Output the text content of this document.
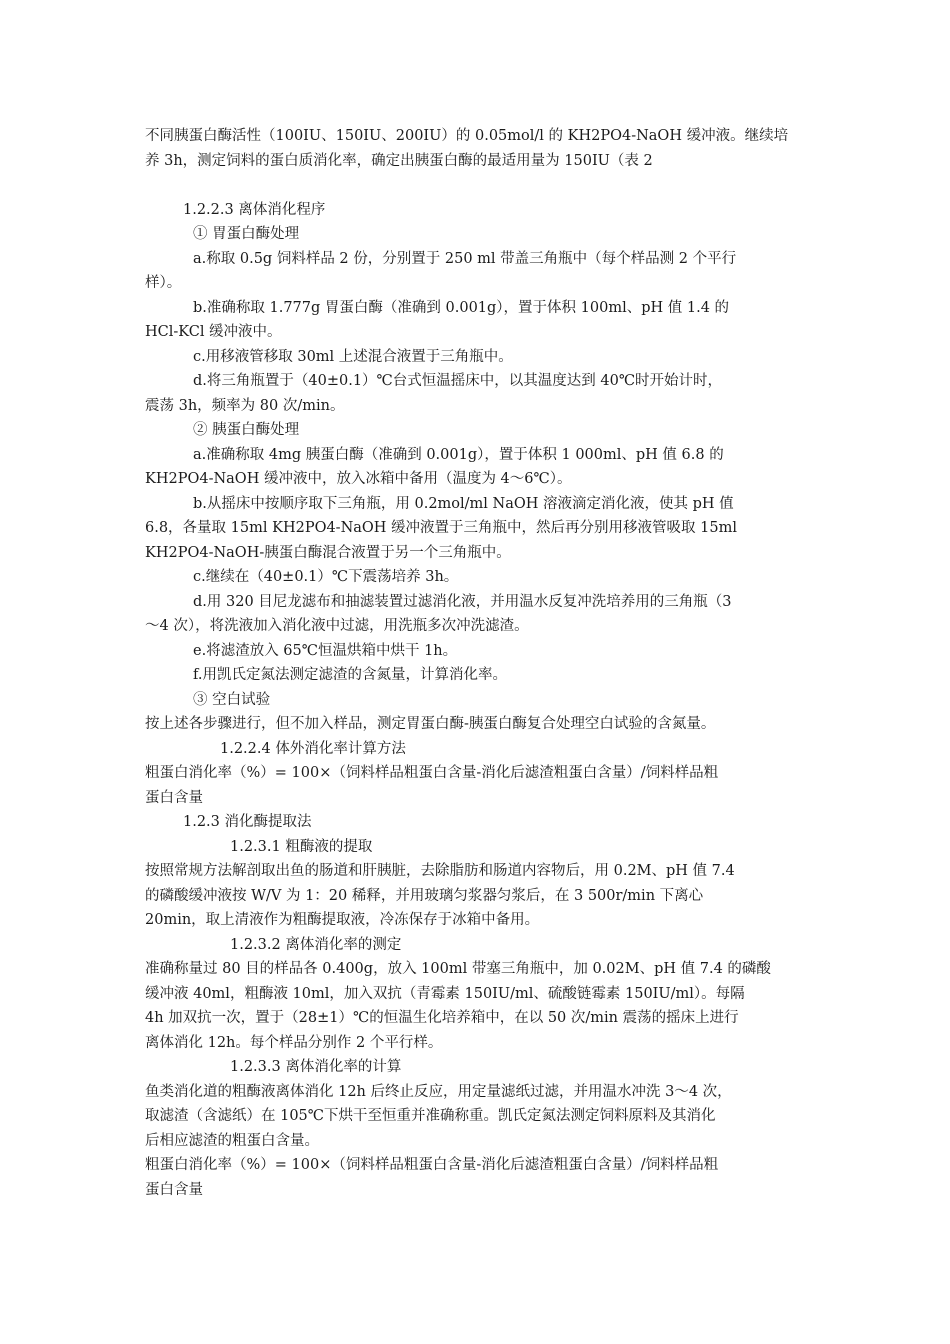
不同胰蛋白酶活性（100IU、150IU、200IU）的 0.05mol/l 的 KH2PO4-NaOH 缓冲液。继续培

养 3h，测定饲料的蛋白质消化率，确定出胰蛋白酶的最适用量为 150IU（表 2

1.2.2.3 离体消化程序

① 胃蛋白酶处理

a.称取 0.5g 饲料样品 2 份，分别置于 250 ml 带盖三角瓶中（每个样品测 2 个平行

样）。

b.准确称取 1.777g 胃蛋白酶（准确到 0.001g），置于体积 100ml、pH 值 1.4 的

HCl-KCl 缓冲液中。

c.用移液管移取 30ml 上述混合液置于三角瓶中。

d.将三角瓶置于（40±0.1）℃台式恒温摇床中，以其温度达到 40℃时开始计时，

震荡 3h，频率为 80 次/min。

② 胰蛋白酶处理

a.准确称取 4mg 胰蛋白酶（准确到 0.001g），置于体积 1 000ml、pH 值 6.8 的

KH2PO4-NaOH 缓冲液中，放入冰箱中备用（温度为 4～6℃）。

b.从摇床中按顺序取下三角瓶，用 0.2mol/ml NaOH 溶液滴定消化液，使其 pH 值

6.8，各量取 15ml KH2PO4-NaOH 缓冲液置于三角瓶中，然后再分别用移液管吸取 15ml

KH2PO4-NaOH-胰蛋白酶混合液置于另一个三角瓶中。

c.继续在（40±0.1）℃下震荡培养 3h。

d.用 320 目尼龙滤布和抽滤装置过滤消化液，并用温水反复冲洗培养用的三角瓶（3

～4 次），将洗液加入消化液中过滤，用洗瓶多次冲洗滤渣。

e.将滤渣放入 65℃恒温烘箱中烘干 1h。

f.用凯氏定氮法测定滤渣的含氮量，计算消化率。

③ 空白试验

按上述各步骤进行，但不加入样品，测定胃蛋白酶-胰蛋白酶复合处理空白试验的含氮量。

1.2.2.4 体外消化率计算方法

粗蛋白消化率（%）= 100×（饲料样品粗蛋白含量-消化后滤渣粗蛋白含量）/饲料样品粗

蛋白含量

1.2.3 消化酶提取法

1.2.3.1 粗酶液的提取

按照常规方法解剖取出鱼的肠道和肝胰脏，去除脂肪和肠道内容物后，用 0.2M、pH 值 7.4

的磷酸缓冲液按 W/V 为 1：20 稀释，并用玻璃匀浆器匀浆后，在 3 500r/min 下离心

20min，取上清液作为粗酶提取液，冷冻保存于冰箱中备用。

1.2.3.2 离体消化率的测定

准确称量过 80 目的样品各 0.400g，放入 100ml 带塞三角瓶中，加 0.02M、pH 值 7.4 的磷酸

缓冲液 40ml，粗酶液 10ml，加入双抗（青霉素 150IU/ml、硫酸链霉素 150IU/ml）。每隔

4h 加双抗一次，置于（28±1）℃的恒温生化培养箱中，在以 50 次/min 震荡的摇床上进行

离体消化 12h。每个样品分别作 2 个平行样。

1.2.3.3 离体消化率的计算

鱼类消化道的粗酶液离体消化 12h 后终止反应，用定量滤纸过滤，并用温水冲洗 3～4 次，

取滤渣（含滤纸）在 105℃下烘干至恒重并准确称重。凯氏定氮法测定饲料原料及其消化

后相应滤渣的粗蛋白含量。

粗蛋白消化率（%）= 100×（饲料样品粗蛋白含量-消化后滤渣粗蛋白含量）/饲料样品粗

蛋白含量
